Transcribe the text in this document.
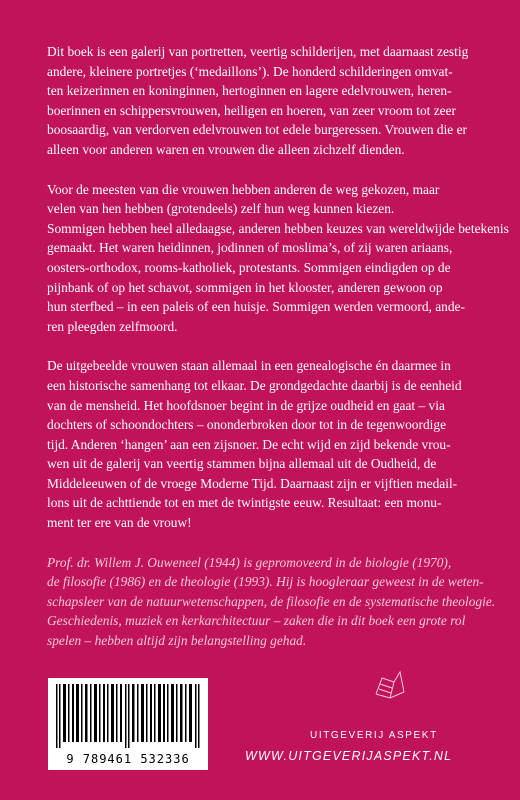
Dit boek is een galerij van portretten, veertig schilderijen, met daarnaast zestig
andere, kleinere portretjes (‘medaillons’). De honderd schilderingen omvat-
ten keizerinnen en koninginnen, hertoginnen en lagere edelvrouwen, heren-
boerinnen en schippersvrouwen, heiligen en hoeren, van zeer vroom tot zeer
boosaardig, van verdorven edelvrouwen tot edele burgeressen. Vrouwen die er
alleen voor anderen waren en vrouwen die alleen zichzelf dienden.
Voor de meesten van die vrouwen hebben anderen de weg gekozen, maar
velen van hen hebben (grotendeels) zelf hun weg kunnen kiezen.
Sommigen hebben heel alledaagse, anderen hebben keuzes van wereldwijde betekenis
gemaakt. Het waren heidinnen, jodinnen of moslima’s, of zij waren ariaans,
oosters-orthodox, rooms-katholiek, protestants. Sommigen eindigden op de
pijnbank of op het schavot, sommigen in het klooster, anderen gewoon op
hun sterfbed – in een paleis of een huisje. Sommigen werden vermoord, ande-
ren pleegden zelfmoord.
De uitgebeelde vrouwen staan allemaal in een genealogische én daarmee in
een historische samenhang tot elkaar. De grondgedachte daarbij is de eenheid
van de mensheid. Het hoofdsnoer begint in de grijze oudheid en gaat – via
dochters of schoondochters – ononderbroken door tot in de tegenwoordige
tijd. Anderen ‘hangen’ aan een zijsnoer. De echt wijd en zijd bekende vrou-
wen uit de galerij van veertig stammen bijna allemaal uit de Oudheid, de
Middeleeuwen of de vroege Moderne Tijd. Daarnaast zijn er vijftien medail-
lons uit de achttiende tot en met de twintigste eeuw. Resultaat: een monu-
ment ter ere van de vrouw!
Prof. dr. Willem J. Ouweneel (1944) is gepromoveerd in de biologie (1970),
de filosofie (1986) en de theologie (1993). Hij is hoogleraar geweest in de weten-
schapsleer van de natuurwetenschappen, de filosofie en de systematische theologie.
Geschiedenis, muziek en kerkarchitectuur – zaken die in dit boek een grote rol
spelen – hebben altijd zijn belangstelling gehad.
9 789461 532336
UITGEVERIJ ASPEKT
WWW.UITGEVERIJASPEKT.NL
